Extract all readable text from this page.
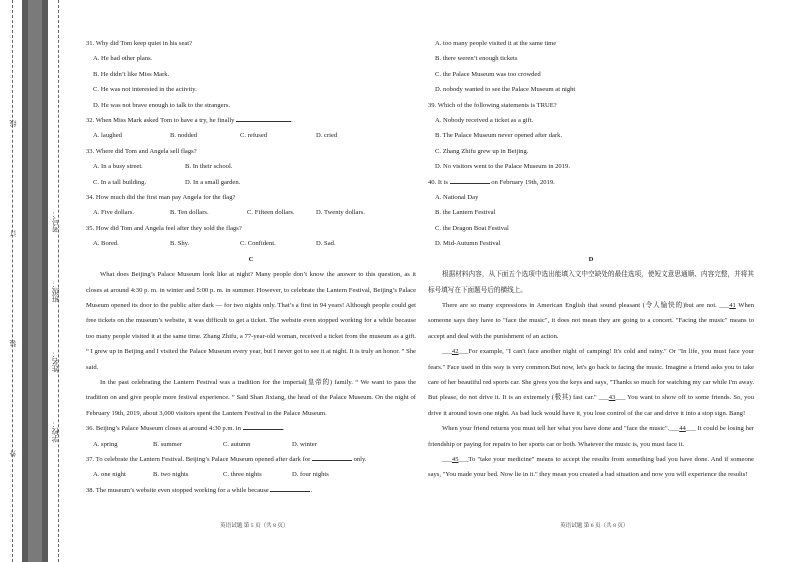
线
订
装
外
学校：
姓名：
班级：
考号：
31. Why did Tom keep quiet in his seat?
A. He had other plans.
B. He didn’t like Miss Mark.
C. He was not interested in the activity.
D. He was not brave enough to talk to the strangers.
32. When Miss Mark asked Tom to have a try, he finally	.
A. laughed	B. nodded	C. refused	D. cried
33. Where did Tom and Angela sell flags?
A. In a busy street.	B. In their school.
C. In a tall building.	D. In a small garden.
34. How much did the first man pay Angela for the flag?
A. Five dollars.	B. Ten dollars.	C. Fifteen dollars.	D. Twenty dollars.
35. How did Tom and Angela feel after they sold the flags?
A. Bored.	B. Shy.	C. Confident.	D. Sad.
C
What does Beijing’s Palace Museum look like at night? Many people don’t know the answer to this question, as it closes at around 4:30 p. m. in winter and 5:00 p. m. in summer. However, to celebrate the Lantern Festival, Beijing’s Palace Museum opened its door to the public after dark — for two nights only. That’s a first in 94 years! Although people could get free tickets on the museum’s website, it was difficult to get a ticket. The website even stopped working for a while because too many people visited it at the same time. Zhang Zhifu, a 77-year-old woman, received a ticket from the museum as a gift. “ I grew up in Beijing and I visited the Palace Museum every year, but I never got to see it at night. It is truly an honor. ” She said.
In the past celebrating the Lantern Festival was a tradition for the imperial(皇帝的) family. “ We want to pass the tradition on and give people more festival experience. ” Said Shan Jixiang, the head of the Palace Museum. On the night of February 19th, 2019, about 3,000 visitors spent the Lantern Festival in the Palace Museum.
36. Beijing’s Palace Museum closes at around 4:30 p.m. in	.
A. spring	B. summer	C. autumn	D. winter
37. To celebrate the Lantern Festival. Beijing’s Palace Museum opened after dark for	only.
A. one night	B. two nights	C. three nights	D. four nights
38. The museum’s website even stopped working for a while because	.
A. too many people visited it at the same time
B. there weren’t enough tickets
C. the Palace Museum was too crowded
D. nobody wanted to see the Palace Museum at night
39. Which of the following statements is TRUE?
A. Nobody received a ticket as a gift.
B. The Palace Museum never opened after dark.
C. Zhang Zhifu grew up in Beijing.
D. No visitors went to the Palace Museum in 2019.
40. It is	on February 19th, 2019.
A. National Day
B. the Lantern Festival
C. the Dragon Boat Festival
D. Mid-Autumn Festival
D
根据材料内容，从下面五个选项中选出能填入文中空缺处的最佳选项，使短文意思通顺、内容完整，并将其标号填写在下面题号后的横线上。
There are so many expressions in American English that sound pleasant (令人愉快的)but are not. ___41 When someone says they have to "face the music", it does not mean they are going to a concert. "Facing the music" means to accept and deal with the punishment of an action.
___42___For example, "I can't face another night of camping! It's cold and rainy." Or "In life, you must face your fears." Face used in this way is very common.But now, let's go back to facing the music. Imagine a friend asks you to take care of her beautiful red sports car. She gives you the keys and says, "Thanks so much for watching my car while I'm away. But please, do not drive it. It is an extremely (极其) fast car." ___43___ You want to show off to some friends. So, you drive it around town one night. As bad luck would have it, you lose control of the car and drive it into a stop sign. Bang!
When your friend returns you must tell her what you have done and "face the music".___44___ It could be losing her friendship or paying for repairs to her sports car or both. Whatever the music is, you must face it.
___45___To "take your medicine" means to accept the results from something bad you have done. And if someone says, "You made your bed. Now lie in it." they mean you created a bad situation and now you will experience the results!
英语试题 第 5 页（共 8 页）	英语试题 第 6 页（共 8 页）
